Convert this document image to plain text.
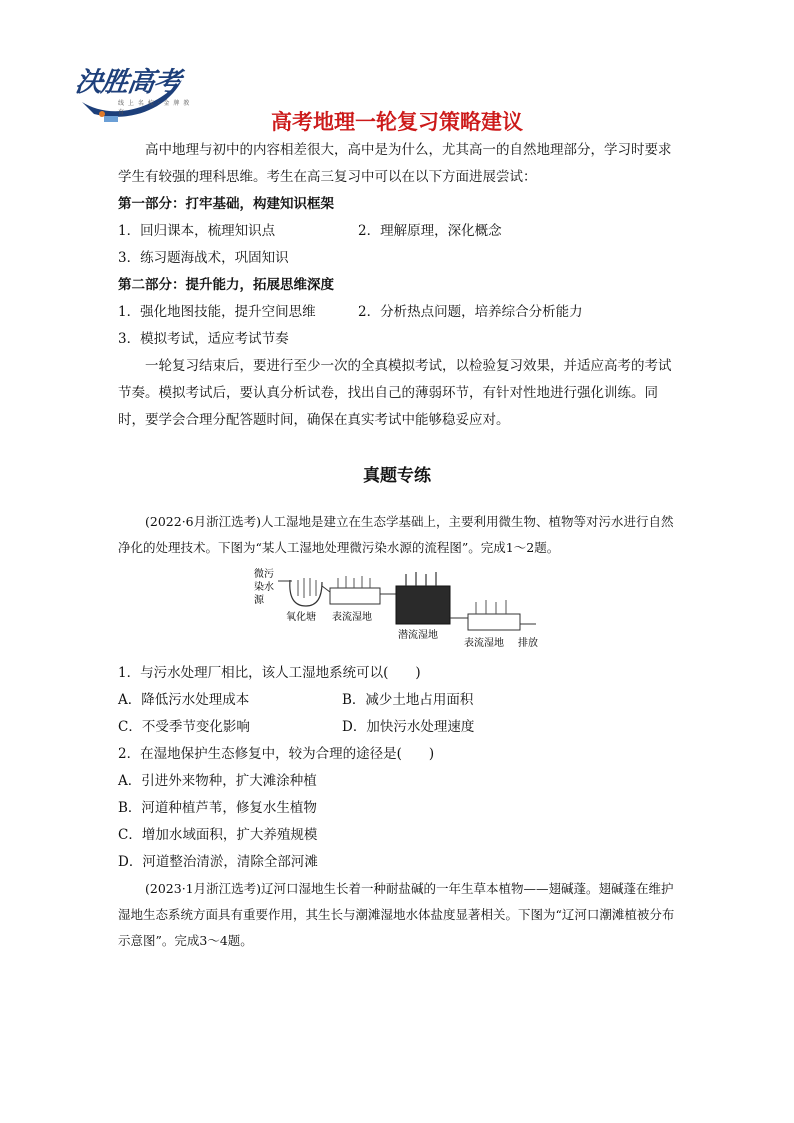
決胜高考
线 上 名 校 · 金 牌 教 育	高考地理一轮复习策略建议

高中地理与初中的内容相差很大，高中是为什么，尤其高一的自然地理部分，学习时要求学生有较强的理科思维。考生在高三复习中可以在以下方面进展尝试：

第一部分：打牢基础，构建知识框架

1．回归课本，梳理知识点	2．理解原理，深化概念

3．练习题海战术，巩固知识

第二部分：提升能力，拓展思维深度

1．强化地图技能，提升空间思维	2．分析热点问题，培养综合分析能力

3．模拟考试，适应考试节奏

一轮复习结束后，要进行至少一次的全真模拟考试，以检验复习效果，并适应高考的考试节奏。模拟考试后，要认真分析试卷，找出自己的薄弱环节，有针对性地进行强化训练。同时，要学会合理分配答题时间，确保在真实考试中能够稳妥应对。

真题专练

(2022·6月浙江选考)人工湿地是建立在生态学基础上，主要利用微生物、植物等对污水进行自然净化的处理技术。下图为“某人工湿地处理微污染水源的流程图”。完成1～2题。

微污
染水
源
氧化塘 表流湿地
潜流湿地
表流湿地 排放

1．与污水处理厂相比，该人工湿地系统可以(　　)

A．降低污水处理成本	B．减少土地占用面积

C．不受季节变化影响	D．加快污水处理速度

2．在湿地保护生态修复中，较为合理的途径是(　　)

A．引进外来物种，扩大滩涂种植

B．河道种植芦苇，修复水生植物

C．增加水域面积，扩大养殖规模

D．河道整治清淤，清除全部河滩

(2023·1月浙江选考)辽河口湿地生长着一种耐盐碱的一年生草本植物——翅碱蓬。翅碱蓬在维护湿地生态系统方面具有重要作用，其生长与潮滩湿地水体盐度显著相关。下图为“辽河口潮滩植被分布示意图”。完成3～4题。
